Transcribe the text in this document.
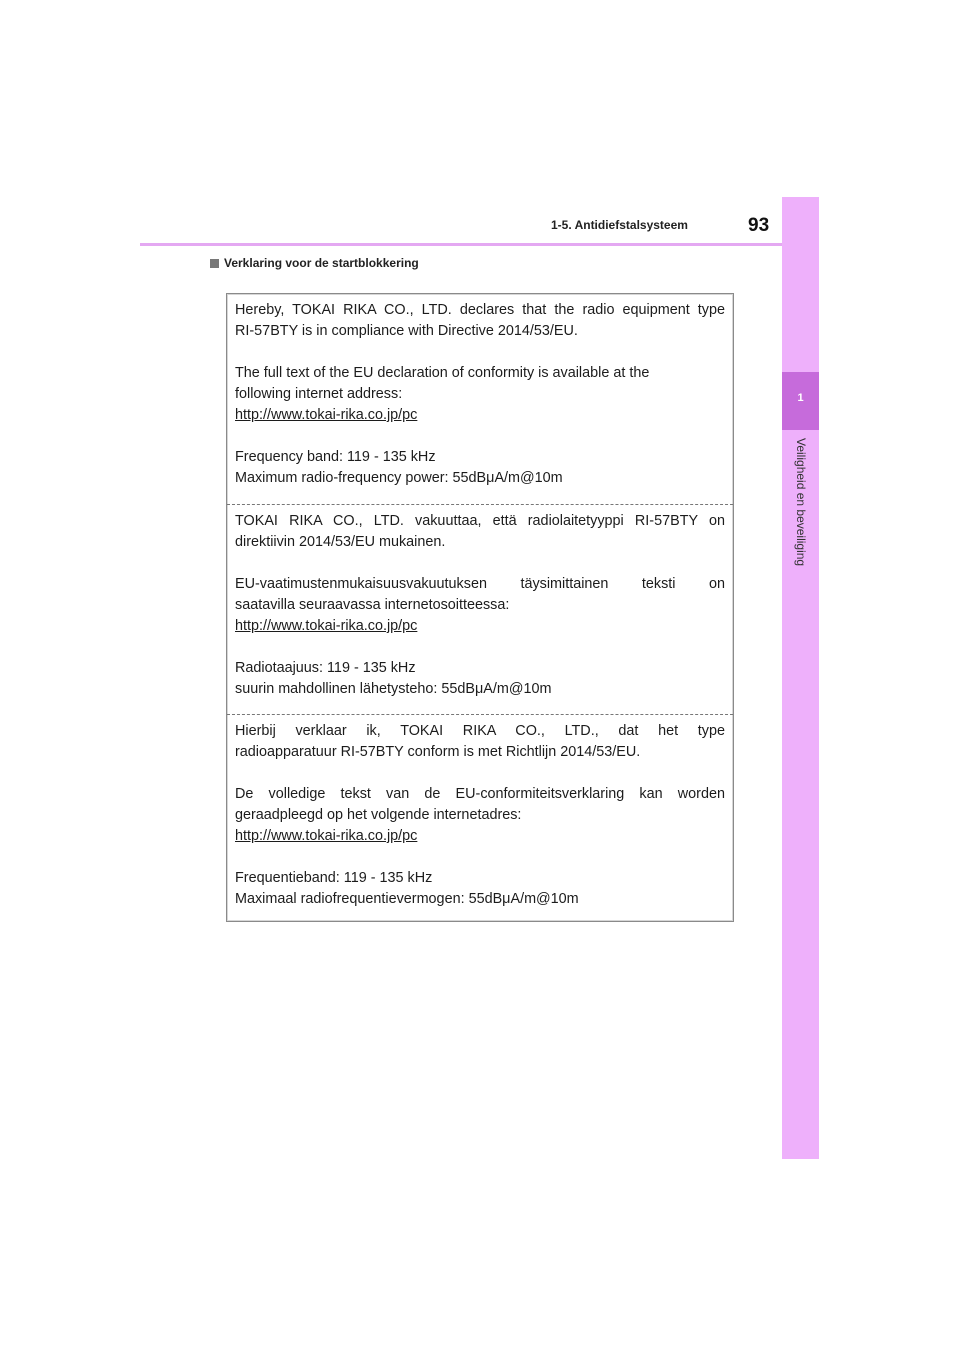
1-5. Antidiefstalsysteem	93
1
Veiligheid en beveiliging
Verklaring voor de startblokkering

Hereby, TOKAI RIKA CO., LTD. declares that the radio equipment type

RI-57BTY is in compliance with Directive 2014/53/EU.

The full text of the EU declaration of conformity is available at the

following internet address:

http://www.tokai-rika.co.jp/pc

Frequency band: 119 - 135 kHz

Maximum radio-frequency power: 55dBμA/m@10m

TOKAI RIKA CO., LTD. vakuuttaa, että radiolaitetyyppi RI-57BTY on

direktiivin 2014/53/EU mukainen.

EU-vaatimustenmukaisuusvakuutuksen täysimittainen teksti on

saatavilla seuraavassa internetosoitteessa:

http://www.tokai-rika.co.jp/pc

Radiotaajuus: 119 - 135 kHz

suurin mahdollinen lähetysteho: 55dBμA/m@10m

Hierbij verklaar ik, TOKAI RIKA CO., LTD., dat het type

radioapparatuur RI-57BTY conform is met Richtlijn 2014/53/EU.

De volledige tekst van de EU-conformiteitsverklaring kan worden

geraadpleegd op het volgende internetadres:

http://www.tokai-rika.co.jp/pc

Frequentieband: 119 - 135 kHz

Maximaal radiofrequentievermogen: 55dBμA/m@10m
